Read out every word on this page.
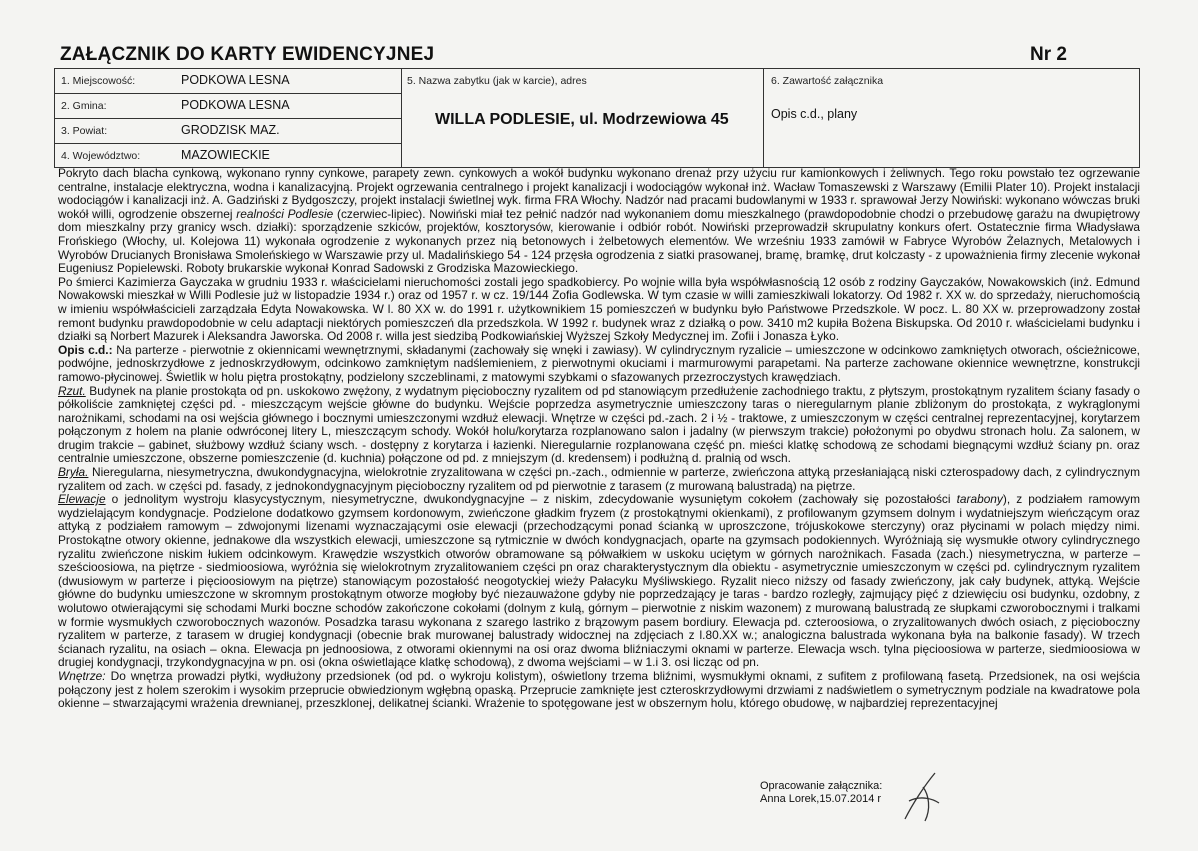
ZAŁĄCZNIK DO KARTY EWIDENCYJNEJ	Nr 2
1. Miejscowość:	PODKOWA LESNA
2. Gmina:	PODKOWA LESNA
3. Powiat:	GRODZISK MAZ.
4. Województwo:	MAZOWIECKIE
5. Nazwa zabytku (jak w karcie), adres
WILLA PODLESIE, ul. Modrzewiowa 45
6. Zawartość załącznika
Opis c.d., plany

Pokryto dach blacha cynkową, wykonano rynny cynkowe, parapety zewn. cynkowych a wokół budynku wykonano drenaż przy użyciu rur kamionkowych i żeliwnych. Tego roku powstało tez ogrzewanie centralne, instalacje elektryczna, wodna i kanalizacyjną. Projekt ogrzewania centralnego i projekt kanalizacji i wodociągów wykonał inż. Wacław Tomaszewski z Warszawy (Emilii Plater 10). Projekt instalacji wodociągów i kanalizacji inż. A. Gadziński z Bydgoszczy, projekt instalacji świetlnej wyk. firma FRA Włochy. Nadzór nad pracami budowlanymi w 1933 r. sprawował Jerzy Nowiński: wykonano wówczas bruki wokół willi, ogrodzenie obszernej realności Podlesie (czerwiec-lipiec). Nowiński miał tez pełnić nadzór nad wykonaniem domu mieszkalnego (prawdopodobnie chodzi o przebudowę garażu na dwupiętrowy dom mieszkalny przy granicy wsch. działki): sporządzenie szkiców, projektów, kosztorysów, kierowanie i odbiór robót. Nowiński przeprowadził skrupulatny konkurs ofert. Ostatecznie firma Władysława Frońskiego (Włochy, ul. Kolejowa 11) wykonała ogrodzenie z wykonanych przez nią betonowych i żelbetowych elementów. We wrześniu 1933 zamówił w Fabryce Wyrobów Żelaznych, Metalowych i Wyrobów Drucianych Bronisława Smoleńskiego w Warszawie przy ul. Madalińskiego 54 - 124 przęsła ogrodzenia z siatki prasowanej, bramę, bramkę, drut kolczasty - z upoważnienia firmy zlecenie wykonał Eugeniusz Popielewski. Roboty brukarskie wykonał Konrad Sadowski z Grodziska Mazowieckiego.

Po śmierci Kazimierza Gayczaka w grudniu 1933 r. właścicielami nieruchomości zostali jego spadkobiercy. Po wojnie willa była współwłasnością 12 osób z rodziny Gayczaków, Nowakowskich (inż. Edmund Nowakowski mieszkał w Willi Podlesie już w listopadzie 1934 r.) oraz od 1957 r. w cz. 19/144 Zofia Godlewska. W tym czasie w willi zamieszkiwali lokatorzy. Od 1982 r. XX w. do sprzedaży, nieruchomością w imieniu współwłaścicieli zarządzała Edyta Nowakowska. W l. 80 XX w. do 1991 r. użytkownikiem 15 pomieszczeń w budynku było Państwowe Przedszkole. W pocz. L. 80 XX w. przeprowadzony został remont budynku prawdopodobnie w celu adaptacji niektórych pomieszczeń dla przedszkola. W 1992 r. budynek wraz z działką o pow. 3410 m2 kupiła Bożena Biskupska. Od 2010 r. właścicielami budynku i działki są Norbert Mazurek i Aleksandra Jaworska. Od 2008 r. willa jest siedzibą Podkowiańskiej Wyższej Szkoły Medycznej im. Zofii i Jonasza Łyko.

Opis c.d.: Na parterze - pierwotnie z okiennicami wewnętrznymi, składanymi (zachowały się wnęki i zawiasy). W cylindrycznym ryzalicie – umieszczone w odcinkowo zamkniętych otworach, ościeżnicowe, podwójne, jednoskrzydłowe z jednoskrzydłowym, odcinkowo zamkniętym nadślemieniem, z pierwotnymi okuciami i marmurowymi parapetami. Na parterze zachowane okiennice wewnętrzne, konstrukcji ramowo-płycinowej. Świetlik w holu piętra prostokątny, podzielony szczeblinami, z matowymi szybkami o sfazowanych przezroczystych krawędziach.

Rzut. Budynek na planie prostokąta od pn. uskokowo zwężony, z wydatnym pięcioboczny ryzalitem od pd stanowiącym przedłużenie zachodniego traktu, z płytszym, prostokątnym ryzalitem ściany fasady o półkoliście zamkniętej części pd. - mieszczącym wejście główne do budynku. Wejście poprzedza asymetrycznie umieszczony taras o nieregularnym planie zbliżonym do prostokąta, z wykrąglonymi narożnikami, schodami na osi wejścia głównego i bocznymi umieszczonymi wzdłuż elewacji. Wnętrze w części pd.-zach. 2 i ½ - traktowe, z umieszczonym w części centralnej reprezentacyjnej, korytarzem połączonym z holem na planie odwróconej litery L, mieszczącym schody. Wokół holu/korytarza rozplanowano salon i jadalny (w pierwszym trakcie) położonymi po obydwu stronach holu. Za salonem, w drugim trakcie – gabinet, służbowy wzdłuż ściany wsch. - dostępny z korytarza i łazienki. Nieregularnie rozplanowana część pn. mieści klatkę schodową ze schodami biegnącymi wzdłuż ściany pn. oraz centralnie umieszczone, obszerne pomieszczenie (d. kuchnia) połączone od pd. z mniejszym (d. kredensem) i podłużną d. pralnią od wsch.

Bryła. Nieregularna, niesymetryczna, dwukondygnacyjna, wielokrotnie zryzalitowana w części pn.-zach., odmiennie w parterze, zwieńczona attyką przesłaniającą niski czterospadowy dach, z cylindrycznym ryzalitem od zach. w części pd. fasady, z jednokondygnacyjnym pięcioboczny ryzalitem od pd pierwotnie z tarasem (z murowaną balustradą) na piętrze.

Elewacje o jednolitym wystroju klasycystycznym, niesymetryczne, dwukondygnacyjne – z niskim, zdecydowanie wysuniętym cokołem (zachowały się pozostałości tarabony), z podziałem ramowym wydzielającym kondygnacje. Podzielone dodatkowo gzymsem kordonowym, zwieńczone gładkim fryzem (z prostokątnymi okienkami), z profilowanym gzymsem dolnym i wydatniejszym wieńczącym oraz attyką z podziałem ramowym – zdwojonymi lizenami wyznaczającymi osie elewacji (przechodzącymi ponad ścianką w uproszczone, trójuskokowe sterczyny) oraz płycinami w polach między nimi. Prostokątne otwory okienne, jednakowe dla wszystkich elewacji, umieszczone są rytmicznie w dwóch kondygnacjach, oparte na gzymsach podokiennych. Wyróżniają się wysmukłe otwory cylindrycznego ryzalitu zwieńczone niskim łukiem odcinkowym. Krawędzie wszystkich otworów obramowane są półwałkiem w uskoku uciętym w górnych narożnikach. Fasada (zach.) niesymetryczna, w parterze – sześcioosiowa, na piętrze - siedmioosiowa, wyróżnia się wielokrotnym zryzalitowaniem części pn oraz charakterystycznym dla obiektu - asymetrycznie umieszczonym w części pd. cylindrycznym ryzalitem (dwusiowym w parterze i pięcioosiowym na piętrze) stanowiącym pozostałość neogotyckiej wieży Pałacyku Myśliwskiego. Ryzalit nieco niższy od fasady zwieńczony, jak cały budynek, attyką. Wejście główne do budynku umieszczone w skromnym prostokątnym otworze mogłoby być niezauważone gdyby nie poprzedzający je taras - bardzo rozległy, zajmujący pięć z dziewięciu osi budynku, ozdobny, z wolutowo otwierającymi się schodami Murki boczne schodów zakończone cokołami (dolnym z kulą, górnym – pierwotnie z niskim wazonem) z murowaną balustradą ze słupkami czworobocznymi i tralkami w formie wysmukłych czworobocznych wazonów. Posadzka tarasu wykonana z szarego lastriko z brązowym pasem bordiury. Elewacja pd. czteroosiowa, o zryzalitowanych dwóch osiach, z pięcioboczny ryzalitem w parterze, z tarasem w drugiej kondygnacji (obecnie brak murowanej balustrady widocznej na zdjęciach z l.80.XX w.; analogiczna balustrada wykonana była na balkonie fasady). W trzech ścianach ryzalitu, na osiach – okna. Elewacja pn jednoosiowa, z otworami okiennymi na osi oraz dwoma bliźniaczymi oknami w parterze. Elewacja wsch. tylna pięcioosiowa w parterze, siedmioosiowa w drugiej kondygnacji, trzykondygnacyjna w pn. osi (okna oświetlające klatkę schodową), z dwoma wejściami – w 1.i 3. osi licząc od pn.

Wnętrze: Do wnętrza prowadzi płytki, wydłużony przedsionek (od pd. o wykroju kolistym), oświetlony trzema bliźnimi, wysmukłymi oknami, z sufitem z profilowaną fasetą. Przedsionek, na osi wejścia połączony jest z holem szerokim i wysokim przeprucie obwiedzionym wgłębną opaską. Przeprucie zamknięte jest czteroskrzydłowymi drzwiami z nadświetlem o symetrycznym podziale na kwadratowe pola okienne – stwarzającymi wrażenia drewnianej, przeszklonej, delikatnej ścianki. Wrażenie to spotęgowane jest w obszernym holu, którego obudowę, w najbardziej reprezentacyjnej

Opracowanie załącznika:
Anna Lorek,15.07.2014 r
